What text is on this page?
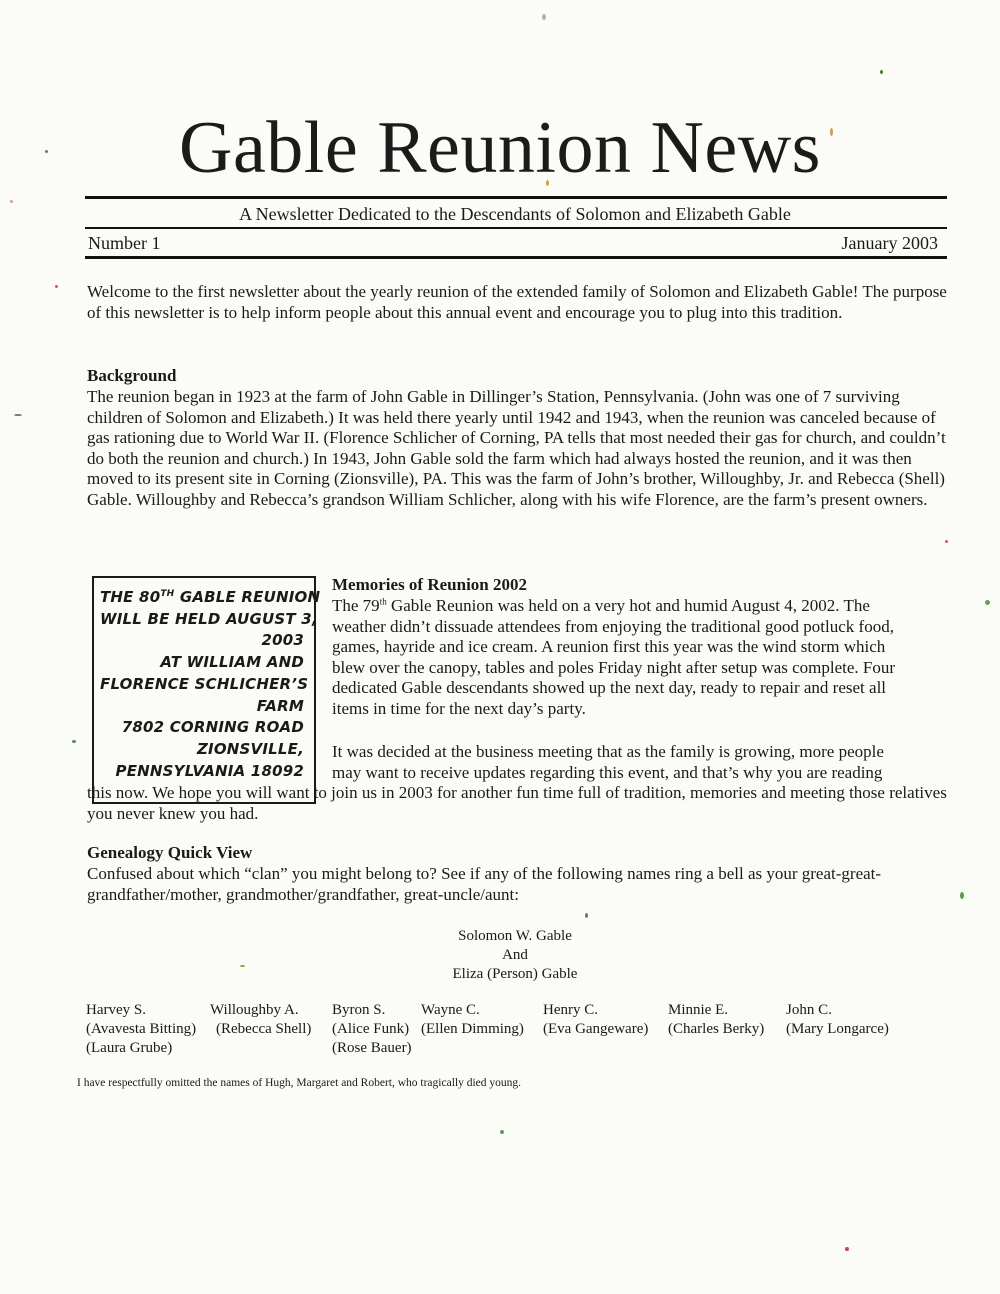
Gable Reunion News
A Newsletter Dedicated to the Descendants of Solomon and Elizabeth Gable
Number 1	January 2003

Welcome to the first newsletter about the yearly reunion of the extended family of Solomon and Elizabeth Gable! The purpose of this newsletter is to help inform people about this annual event and encourage you to plug into this tradition.

Background

The reunion began in 1923 at the farm of John Gable in Dillinger’s Station, Pennsylvania. (John was one of 7 surviving children of Solomon and Elizabeth.) It was held there yearly until 1942 and 1943, when the reunion was canceled because of gas rationing due to World War II. (Florence Schlicher of Corning, PA tells that most needed their gas for church, and couldn’t do both the reunion and church.) In 1943, John Gable sold the farm which had always hosted the reunion, and it was then moved to its present site in Corning (Zionsville), PA. This was the farm of John’s brother, Willoughby, Jr. and Rebecca (Shell) Gable. Willoughby and Rebecca’s grandson William Schlicher, along with his wife Florence, are the farm’s present owners.

THE 80TH GABLE REUNION
WILL BE HELD AUGUST 3,
2003
AT WILLIAM AND
FLORENCE SCHLICHER’S
FARM
7802 CORNING ROAD
ZIONSVILLE,
PENNSYLVANIA 18092
Memories of Reunion 2002
The 79th Gable Reunion was held on a very hot and humid August 4, 2002. The
weather didn’t dissuade attendees from enjoying the traditional good potluck food,
games, hayride and ice cream. A reunion first this year was the wind storm which
blew over the canopy, tables and poles Friday night after setup was complete. Four
dedicated Gable descendants showed up the next day, ready to repair and reset all
items in time for the next day’s party.
It was decided at the business meeting that as the family is growing, more people
may want to receive updates regarding this event, and that’s why you are reading

this now. We hope you will want to join us in 2003 for another fun time full of tradition, memories and meeting those relatives you never knew you had.

Genealogy Quick View

Confused about which “clan” you might belong to? See if any of the following names ring a bell as your great-great-grandfather/mother, grandmother/grandfather, great-uncle/aunt:

Solomon W. Gable
And
Eliza (Person) Gable
Harvey S.
(Avavesta Bitting)
(Laura Grube)
Willoughby A.
(Rebecca Shell)
Byron S.
(Alice Funk)
(Rose Bauer)
Wayne C.
(Ellen Dimming)
Henry C.
(Eva Gangeware)
Minnie E.
(Charles Berky)
John C.
(Mary Longarce)
I have respectfully omitted the names of Hugh, Margaret and Robert, who tragically died young.
